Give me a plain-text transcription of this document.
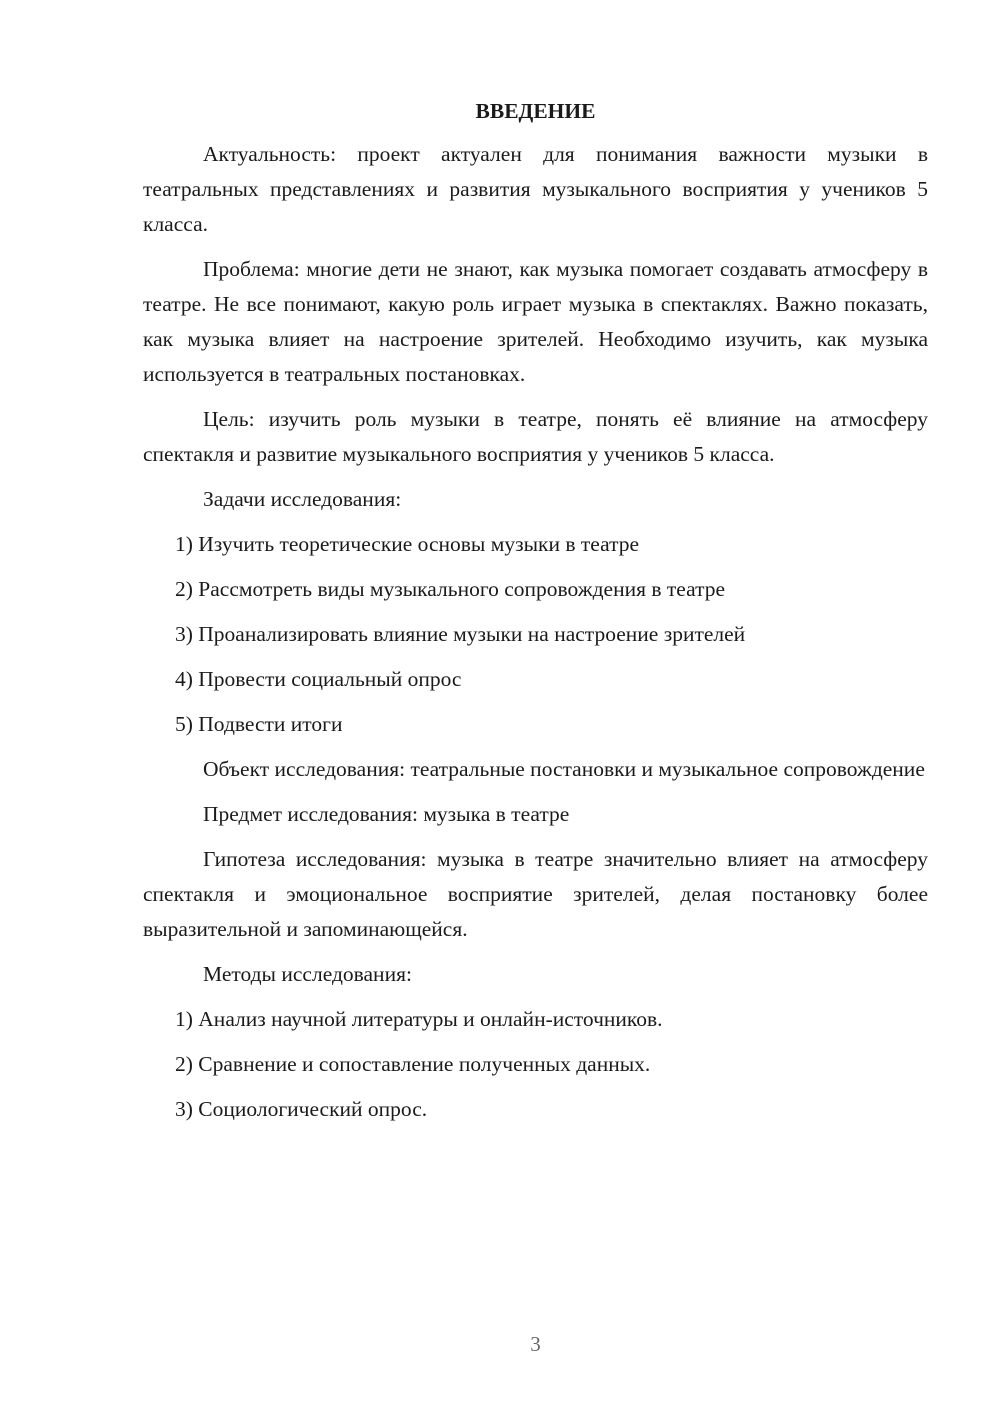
ВВЕДЕНИЕ

Актуальность: проект актуален для понимания важности музыки в театральных представлениях и развития музыкального восприятия у учеников 5 класса.

Проблема: многие дети не знают, как музыка помогает создавать атмосферу в театре. Не все понимают, какую роль играет музыка в спектаклях. Важно показать, как музыка влияет на настроение зрителей. Необходимо изучить, как музыка используется в театральных постановках.

Цель: изучить роль музыки в театре, понять её влияние на атмосферу спектакля и развитие музыкального восприятия у учеников 5 класса.

Задачи исследования:

1) Изучить теоретические основы музыки в театре
2) Рассмотреть виды музыкального сопровождения в театре
3) Проанализировать влияние музыки на настроение зрителей
4) Провести социальный опрос
5) Подвести итоги

Объект исследования: театральные постановки и музыкальное сопровождение

Предмет исследования: музыка в театре

Гипотеза исследования: музыка в театре значительно влияет на атмосферу спектакля и эмоциональное восприятие зрителей, делая постановку более выразительной и запоминающейся.

Методы исследования:

1) Анализ научной литературы и онлайн-источников.
2) Сравнение и сопоставление полученных данных.
3) Социологический опрос.
3
